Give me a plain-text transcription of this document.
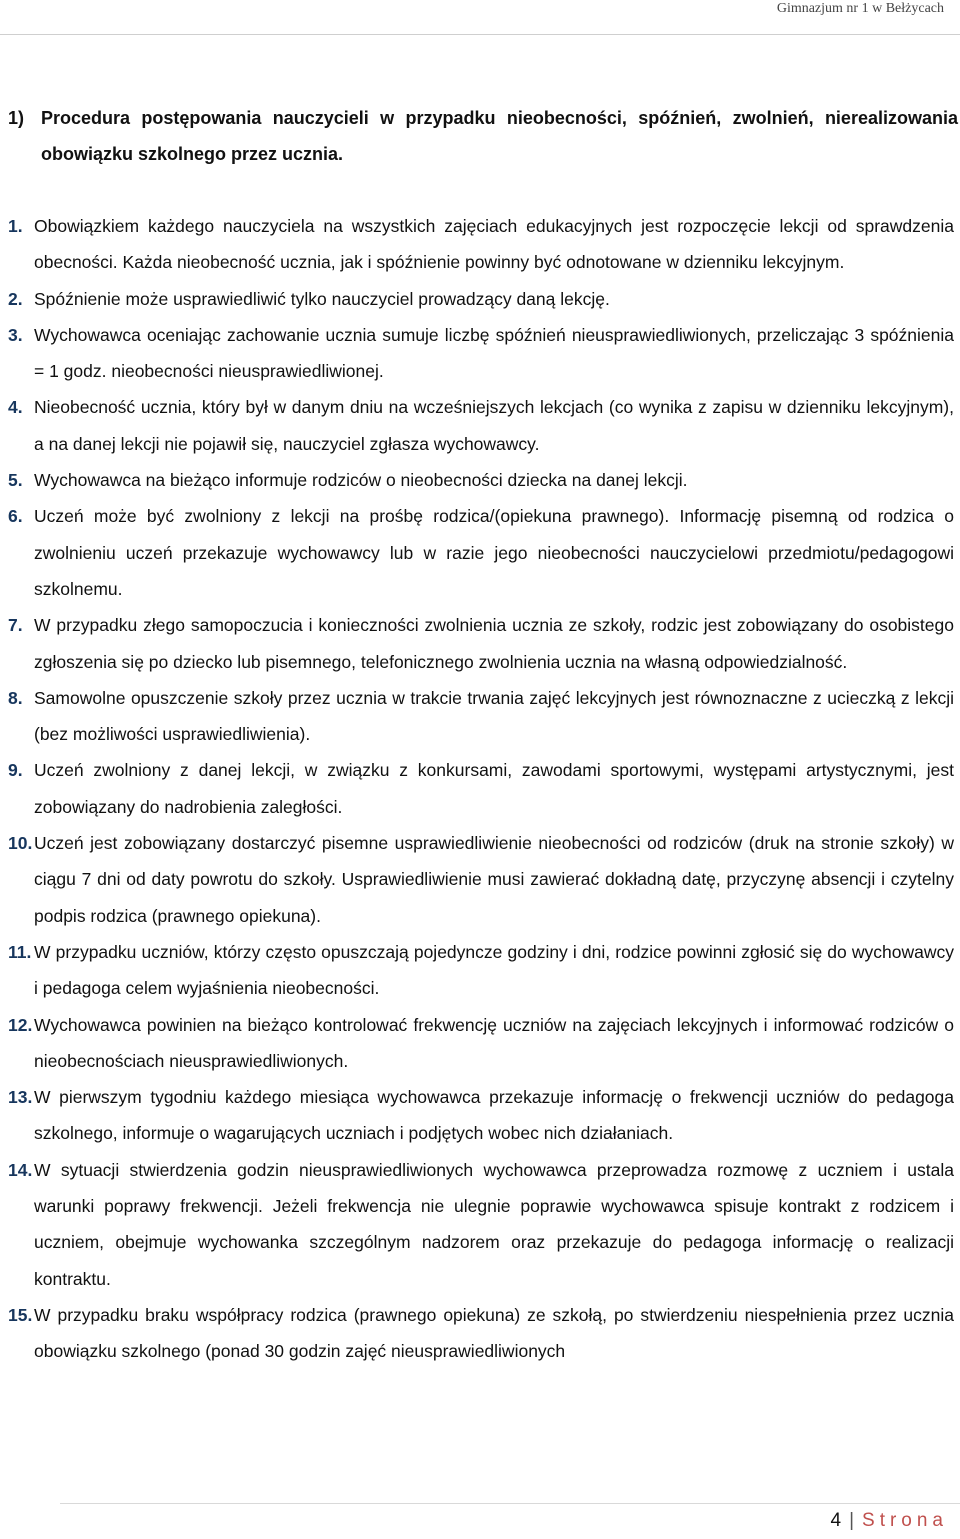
Gimnazjum nr 1 w Bełżycach
1) Procedura postępowania nauczycieli w przypadku nieobecności, spóźnień, zwolnień, nierealizowania obowiązku szkolnego przez ucznia.
1. Obowiązkiem każdego nauczyciela na wszystkich zajęciach edukacyjnych jest rozpoczęcie lekcji od sprawdzenia obecności. Każda nieobecność ucznia, jak i spóźnienie powinny być odnotowane w dzienniku lekcyjnym.
2. Spóźnienie może usprawiedliwić tylko nauczyciel prowadzący daną lekcję.
3. Wychowawca oceniając zachowanie ucznia sumuje liczbę spóźnień nieusprawiedliwionych, przeliczając 3 spóźnienia = 1 godz. nieobecności nieusprawiedliwionej.
4. Nieobecność ucznia, który był w danym dniu na wcześniejszych lekcjach (co wynika z zapisu w dzienniku lekcyjnym), a na danej lekcji nie pojawił się, nauczyciel zgłasza wychowawcy.
5. Wychowawca na bieżąco informuje rodziców o nieobecności dziecka na danej lekcji.
6. Uczeń może być zwolniony z lekcji na prośbę rodzica/(opiekuna prawnego). Informację pisemną od rodzica o zwolnieniu uczeń przekazuje wychowawcy lub w razie jego nieobecności nauczycielowi przedmiotu/pedagogowi szkolnemu.
7. W przypadku złego samopoczucia i konieczności zwolnienia ucznia ze szkoły, rodzic jest zobowiązany do osobistego zgłoszenia się po dziecko lub pisemnego, telefonicznego zwolnienia ucznia na własną odpowiedzialność.
8. Samowolne opuszczenie szkoły przez ucznia w trakcie trwania zajęć lekcyjnych jest równoznaczne z ucieczką z lekcji (bez możliwości usprawiedliwienia).
9. Uczeń zwolniony z danej lekcji, w związku z konkursami, zawodami sportowymi, występami artystycznymi, jest zobowiązany do nadrobienia zaległości.
10. Uczeń jest zobowiązany dostarczyć pisemne usprawiedliwienie nieobecności od rodziców (druk na stronie szkoły) w ciągu 7 dni od daty powrotu do szkoły. Usprawiedliwienie musi zawierać dokładną datę, przyczynę absencji i czytelny podpis rodzica (prawnego opiekuna).
11. W przypadku uczniów, którzy często opuszczają pojedyncze godziny i dni, rodzice powinni zgłosić się do wychowawcy i pedagoga celem wyjaśnienia nieobecności.
12. Wychowawca powinien na bieżąco kontrolować frekwencję uczniów na zajęciach lekcyjnych i informować rodziców o nieobecnościach nieusprawiedliwionych.
13. W pierwszym tygodniu każdego miesiąca wychowawca przekazuje informację o frekwencji uczniów do pedagoga szkolnego, informuje o wagarujących uczniach i podjętych wobec nich działaniach.
14. W sytuacji stwierdzenia godzin nieusprawiedliwionych wychowawca przeprowadza rozmowę z uczniem i ustala warunki poprawy frekwencji. Jeżeli frekwencja nie ulegnie poprawie wychowawca spisuje kontrakt z rodzicem i uczniem, obejmuje wychowanka szczególnym nadzorem oraz przekazuje do pedagoga informację o realizacji kontraktu.
15. W przypadku braku współpracy rodzica (prawnego opiekuna) ze szkołą, po stwierdzeniu niespełnienia przez ucznia obowiązku szkolnego (ponad 30 godzin zajęć nieusprawiedliwionych
4 | Strona
